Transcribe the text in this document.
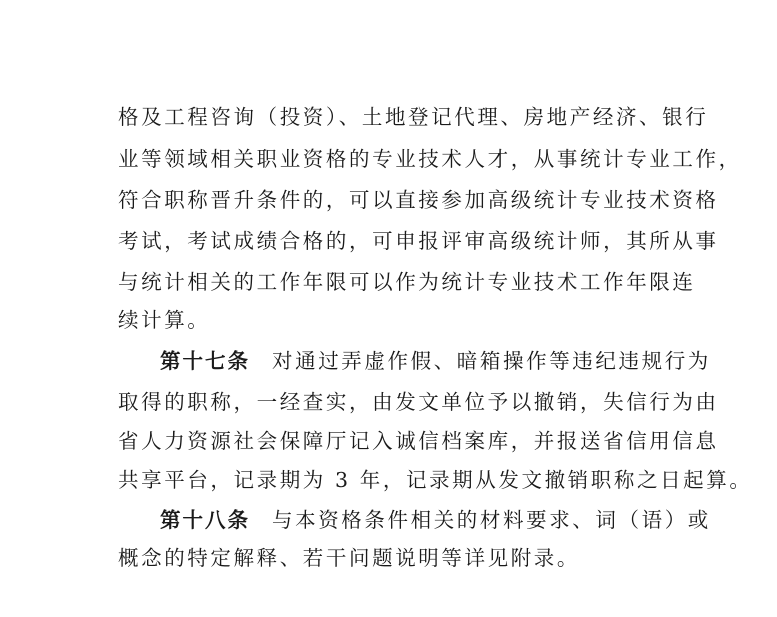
格及工程咨询（投资）、土地登记代理、房地产经济、银行
业等领域相关职业资格的专业技术人才，从事统计专业工作，
符合职称晋升条件的，可以直接参加高级统计专业技术资格
考试，考试成绩合格的，可申报评审高级统计师，其所从事
与统计相关的工作年限可以作为统计专业技术工作年限连
续计算。
第十七条 对通过弄虚作假、暗箱操作等违纪违规行为
取得的职称，一经查实，由发文单位予以撤销，失信行为由
省人力资源社会保障厅记入诚信档案库，并报送省信用信息
共享平台，记录期为 3 年，记录期从发文撤销职称之日起算。
第十八条 与本资格条件相关的材料要求、词（语）或
概念的特定解释、若干问题说明等详见附录。
